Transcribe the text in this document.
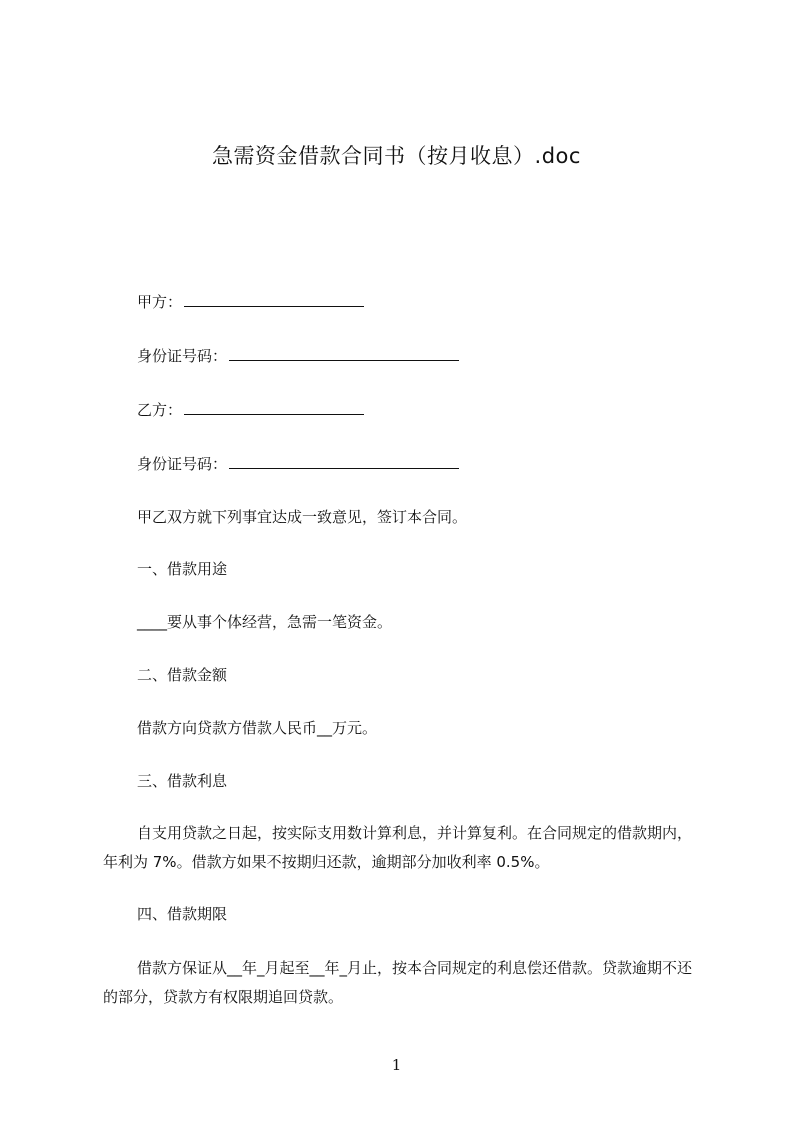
急需资金借款合同书（按月收息）.doc
甲方：
身份证号码：
乙方：
身份证号码：
甲乙双方就下列事宜达成一致意见，签订本合同。
一、借款用途
____要从事个体经营，急需一笔资金。
二、借款金额
借款方向贷款方借款人民币__万元。
三、借款利息
自支用贷款之日起，按实际支用数计算利息，并计算复利。在合同规定的借款期内，年利为 7%。借款方如果不按期归还款，逾期部分加收利率 0.5%。
四、借款期限
借款方保证从__年_月起至__年_月止，按本合同规定的利息偿还借款。贷款逾期不还的部分，贷款方有权限期追回贷款。
1
